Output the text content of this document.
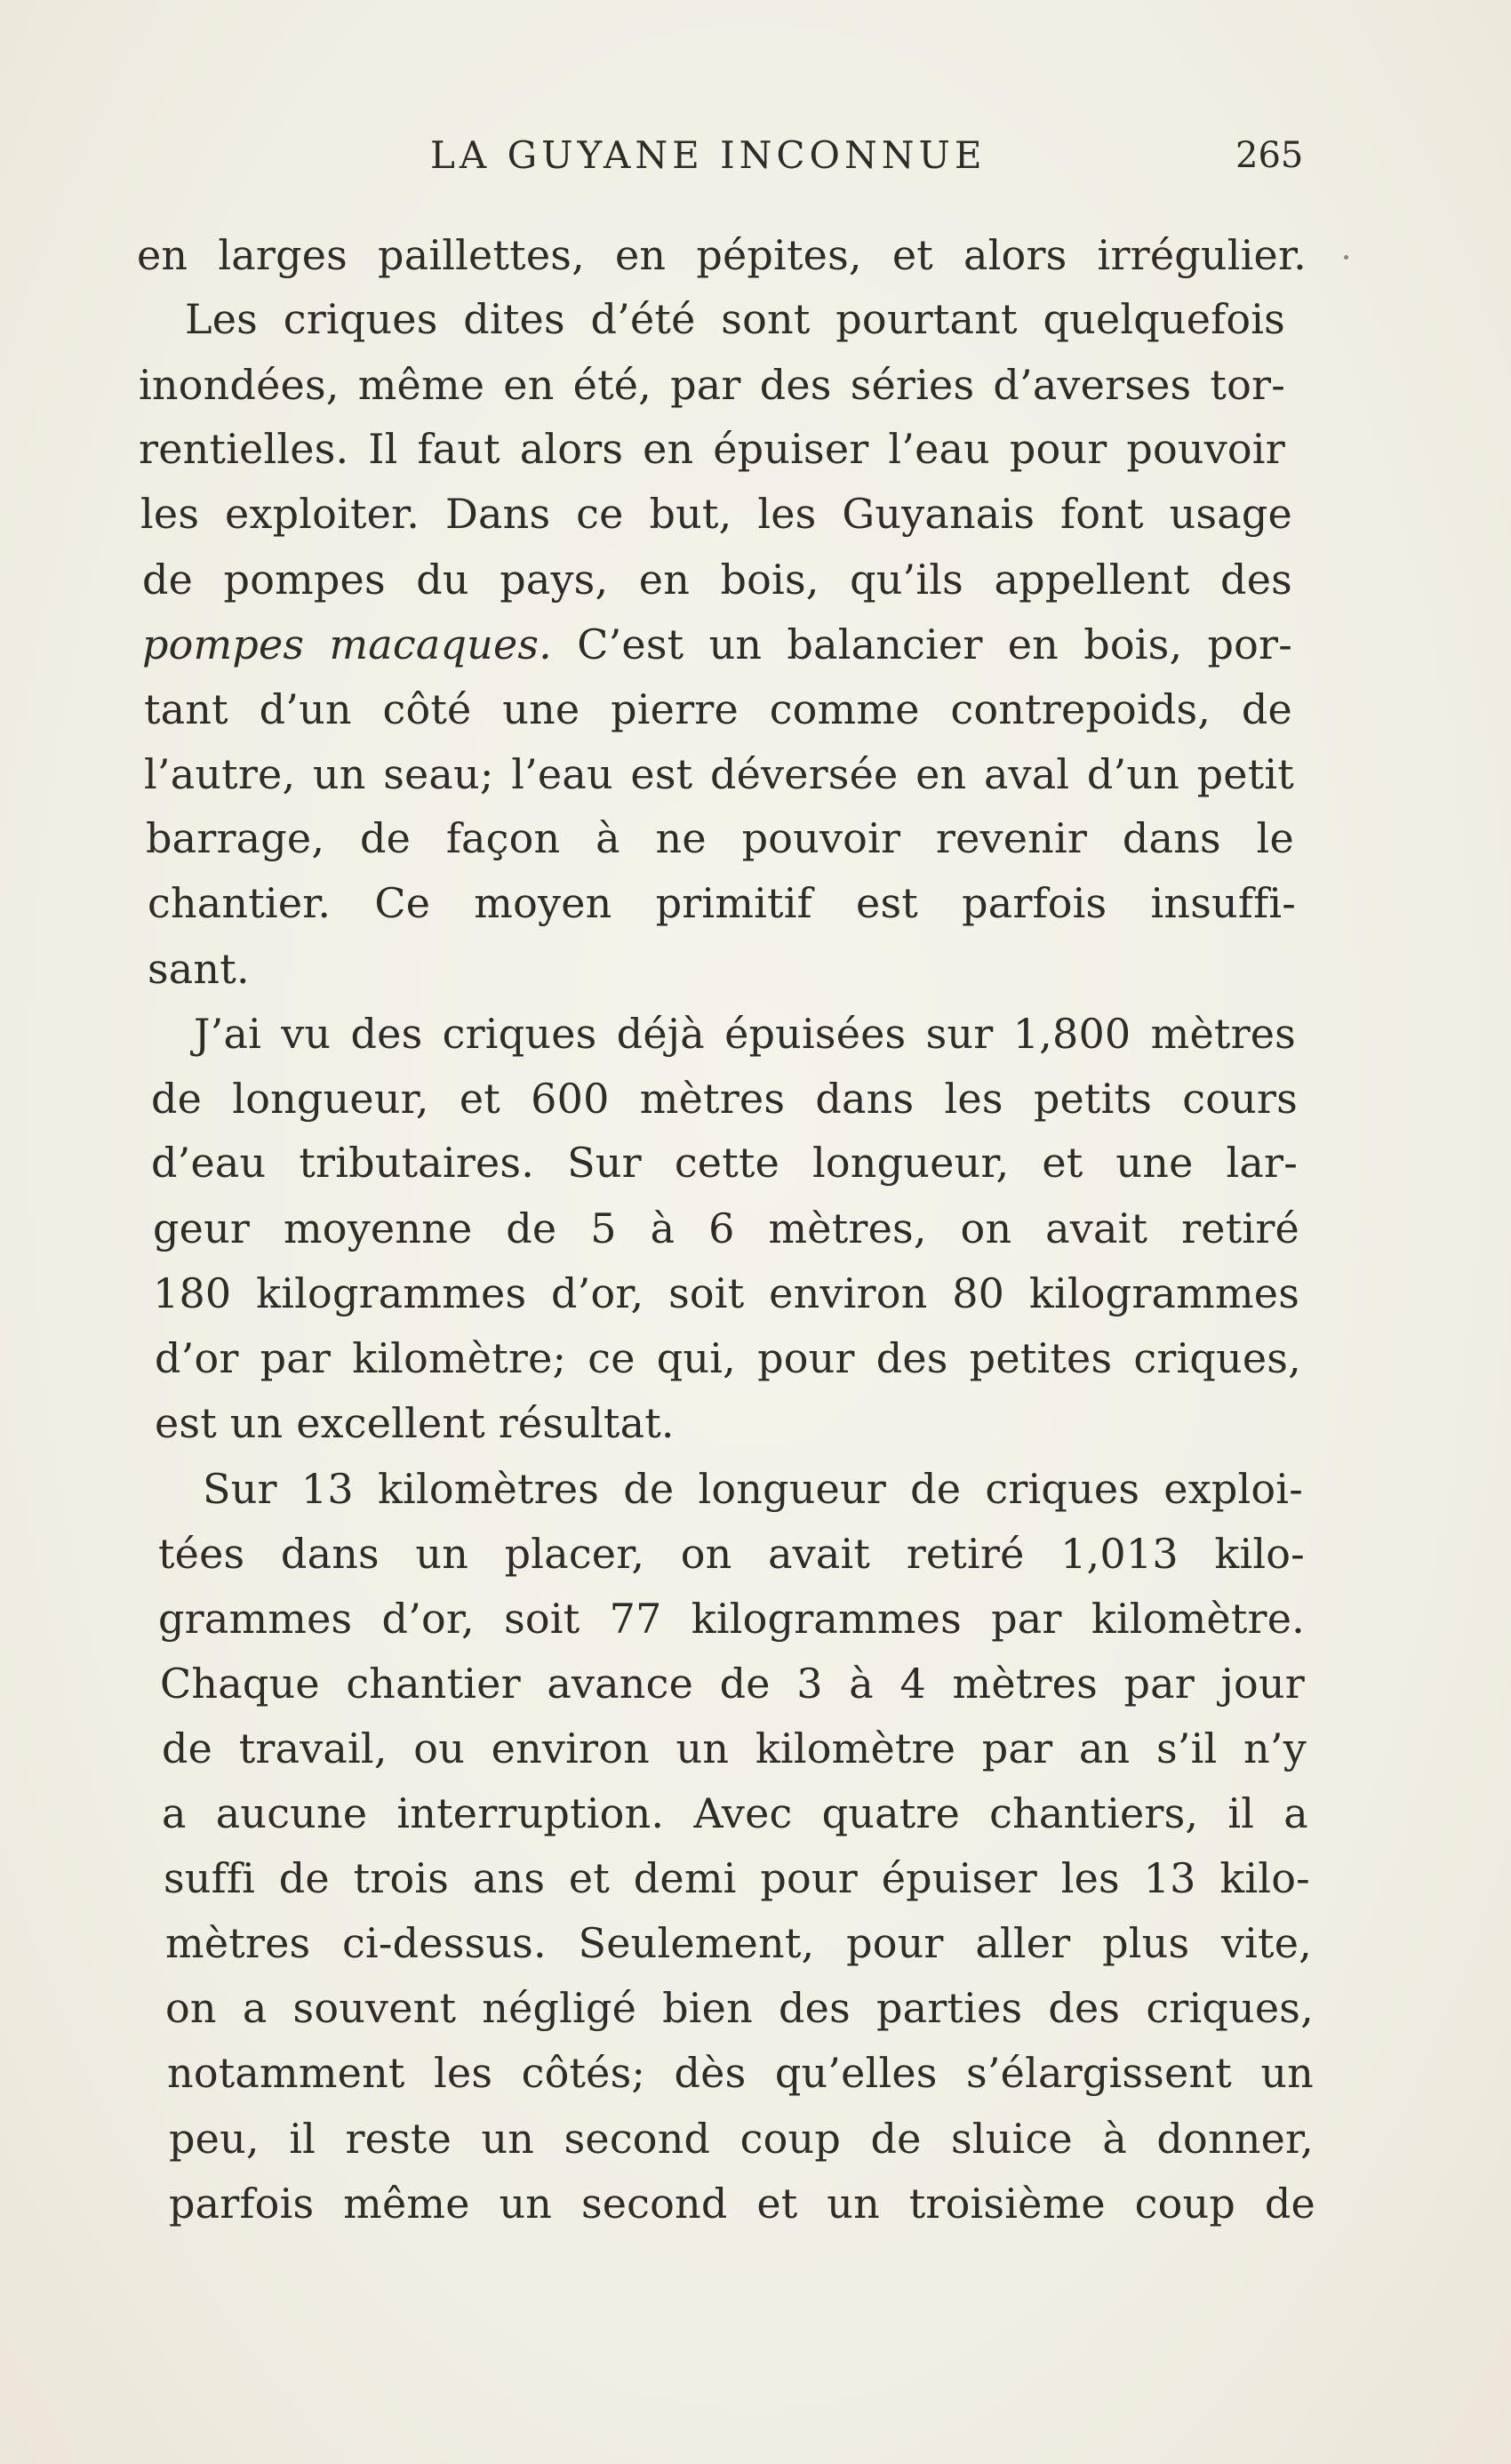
LA GUYANE INCONNUE	265
en larges paillettes, en pépites, et alors irrégulier.
Les criques dites d’été sont pourtant quelquefois
inondées, même en été, par des séries d’averses tor-
rentielles. Il faut alors en épuiser l’eau pour pouvoir
les exploiter. Dans ce but, les Guyanais font usage
de pompes du pays, en bois, qu’ils appellent des
pompes macaques. C’est un balancier en bois, por-
tant d’un côté une pierre comme contrepoids, de
l’autre, un seau; l’eau est déversée en aval d’un petit
barrage, de façon à ne pouvoir revenir dans le
chantier. Ce moyen primitif est parfois insuffi-
sant.
J’ai vu des criques déjà épuisées sur 1,800 mètres
de longueur, et 600 mètres dans les petits cours
d’eau tributaires. Sur cette longueur, et une lar-
geur moyenne de 5 à 6 mètres, on avait retiré
180 kilogrammes d’or, soit environ 80 kilogrammes
d’or par kilomètre; ce qui, pour des petites criques,
est un excellent résultat.
Sur 13 kilomètres de longueur de criques exploi-
tées dans un placer, on avait retiré 1,013 kilo-
grammes d’or, soit 77 kilogrammes par kilomètre.
Chaque chantier avance de 3 à 4 mètres par jour
de travail, ou environ un kilomètre par an s’il n’y
a aucune interruption. Avec quatre chantiers, il a
suffi de trois ans et demi pour épuiser les 13 kilo-
mètres ci-dessus. Seulement, pour aller plus vite,
on a souvent négligé bien des parties des criques,
notamment les côtés; dès qu’elles s’élargissent un
peu, il reste un second coup de sluice à donner,
parfois même un second et un troisième coup de
